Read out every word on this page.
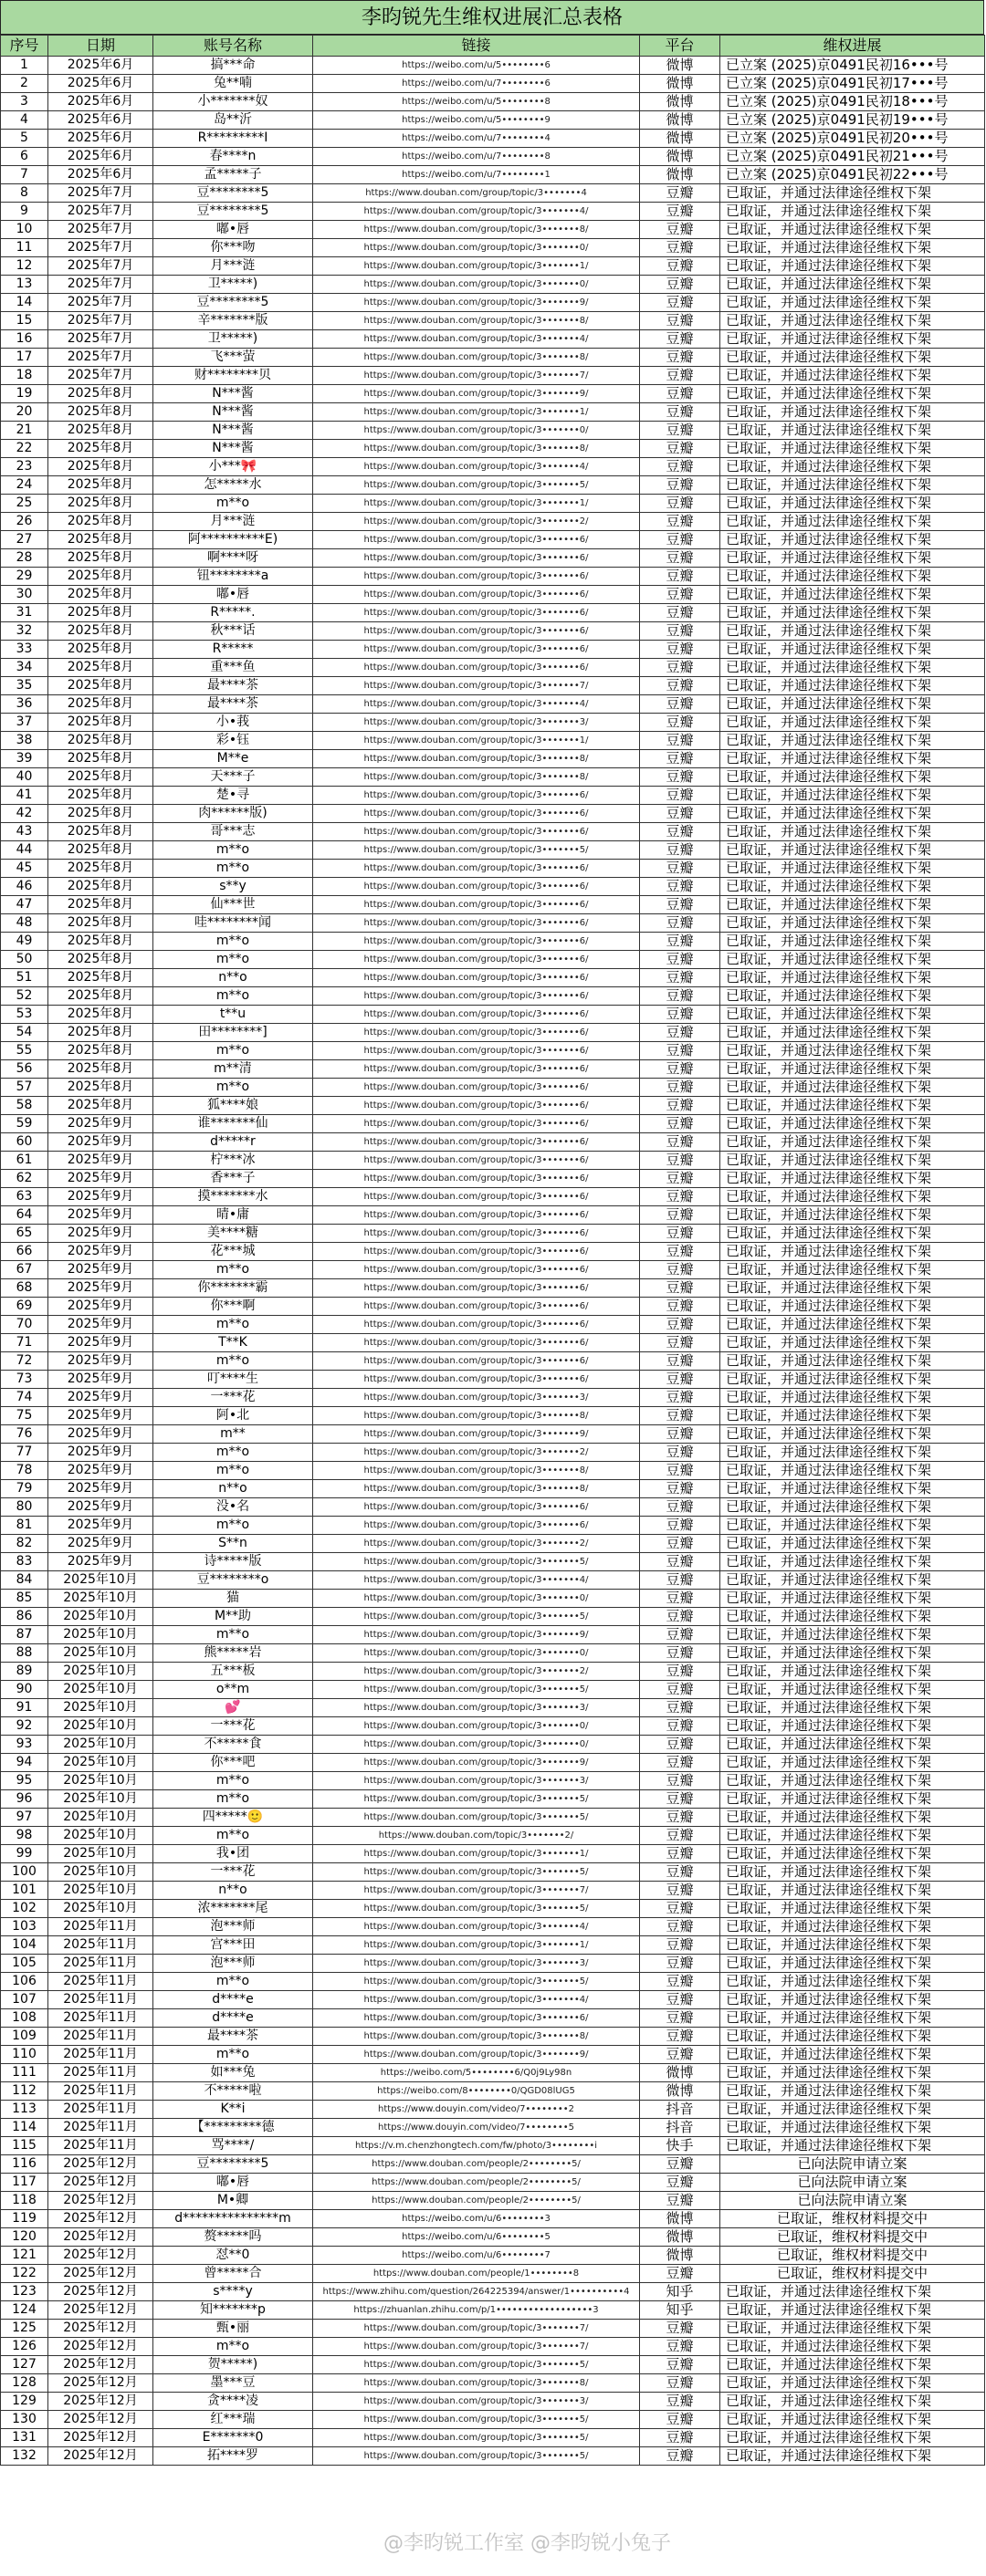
李昀锐先生维权进展汇总表格
序号	日期	账号名称	链接	平台	维权进展
1	2025年6月	搞***命	https://weibo.com/u/5••••••••6	微博	已立案 (2025)京0491民初16•••号
2	2025年6月	兔**喃	https://weibo.com/u/7••••••••6	微博	已立案 (2025)京0491民初17•••号
3	2025年6月	小*******奴	https://weibo.com/u/5••••••••8	微博	已立案 (2025)京0491民初18•••号
4	2025年6月	岛**沂	https://weibo.com/u/5••••••••9	微博	已立案 (2025)京0491民初19•••号
5	2025年6月	R*********I	https://weibo.com/u/7••••••••4	微博	已立案 (2025)京0491民初20•••号
6	2025年6月	春****n	https://weibo.com/u/7••••••••8	微博	已立案 (2025)京0491民初21•••号
7	2025年6月	孟*****子	https://weibo.com/u/7••••••••1	微博	已立案 (2025)京0491民初22•••号
8	2025年7月	豆********5	https://www.douban.com/group/topic/3•••••••4	豆瓣	已取证，并通过法律途径维权下架
9	2025年7月	豆********5	https://www.douban.com/group/topic/3•••••••4/	豆瓣	已取证，并通过法律途径维权下架
10	2025年7月	嘟•唇	https://www.douban.com/group/topic/3•••••••8/	豆瓣	已取证，并通过法律途径维权下架
11	2025年7月	你***吻	https://www.douban.com/group/topic/3•••••••0/	豆瓣	已取证，并通过法律途径维权下架
12	2025年7月	月***涟	https://www.douban.com/group/topic/3•••••••1/	豆瓣	已取证，并通过法律途径维权下架
13	2025年7月	卫*****)	https://www.douban.com/group/topic/3•••••••0/	豆瓣	已取证，并通过法律途径维权下架
14	2025年7月	豆********5	https://www.douban.com/group/topic/3•••••••9/	豆瓣	已取证，并通过法律途径维权下架
15	2025年7月	辛*******版	https://www.douban.com/group/topic/3•••••••8/	豆瓣	已取证，并通过法律途径维权下架
16	2025年7月	卫*****)	https://www.douban.com/group/topic/3•••••••4/	豆瓣	已取证，并通过法律途径维权下架
17	2025年7月	飞***萤	https://www.douban.com/group/topic/3•••••••8/	豆瓣	已取证，并通过法律途径维权下架
18	2025年7月	财********贝	https://www.douban.com/group/topic/3•••••••7/	豆瓣	已取证，并通过法律途径维权下架
19	2025年8月	N***酱	https://www.douban.com/group/topic/3•••••••9/	豆瓣	已取证，并通过法律途径维权下架
20	2025年8月	N***酱	https://www.douban.com/group/topic/3•••••••1/	豆瓣	已取证，并通过法律途径维权下架
21	2025年8月	N***酱	https://www.douban.com/group/topic/3•••••••0/	豆瓣	已取证，并通过法律途径维权下架
22	2025年8月	N***酱	https://www.douban.com/group/topic/3•••••••8/	豆瓣	已取证，并通过法律途径维权下架
23	2025年8月	小***🎀	https://www.douban.com/group/topic/3•••••••4/	豆瓣	已取证，并通过法律途径维权下架
24	2025年8月	怎*****水	https://www.douban.com/group/topic/3•••••••5/	豆瓣	已取证，并通过法律途径维权下架
25	2025年8月	m**o	https://www.douban.com/group/topic/3•••••••1/	豆瓣	已取证，并通过法律途径维权下架
26	2025年8月	月***涟	https://www.douban.com/group/topic/3•••••••2/	豆瓣	已取证，并通过法律途径维权下架
27	2025年8月	阿**********E)	https://www.douban.com/group/topic/3•••••••6/	豆瓣	已取证，并通过法律途径维权下架
28	2025年8月	啊****呀	https://www.douban.com/group/topic/3•••••••6/	豆瓣	已取证，并通过法律途径维权下架
29	2025年8月	钮********a	https://www.douban.com/group/topic/3•••••••6/	豆瓣	已取证，并通过法律途径维权下架
30	2025年8月	嘟•唇	https://www.douban.com/group/topic/3•••••••6/	豆瓣	已取证，并通过法律途径维权下架
31	2025年8月	R*****.	https://www.douban.com/group/topic/3•••••••6/	豆瓣	已取证，并通过法律途径维权下架
32	2025年8月	秋***话	https://www.douban.com/group/topic/3•••••••6/	豆瓣	已取证，并通过法律途径维权下架
33	2025年8月	R*****	https://www.douban.com/group/topic/3•••••••6/	豆瓣	已取证，并通过法律途径维权下架
34	2025年8月	重***鱼	https://www.douban.com/group/topic/3•••••••6/	豆瓣	已取证，并通过法律途径维权下架
35	2025年8月	最****茶	https://www.douban.com/group/topic/3•••••••7/	豆瓣	已取证，并通过法律途径维权下架
36	2025年8月	最****茶	https://www.douban.com/group/topic/3•••••••4/	豆瓣	已取证，并通过法律途径维权下架
37	2025年8月	小•莪	https://www.douban.com/group/topic/3•••••••3/	豆瓣	已取证，并通过法律途径维权下架
38	2025年8月	彩•钰	https://www.douban.com/group/topic/3•••••••1/	豆瓣	已取证，并通过法律途径维权下架
39	2025年8月	M**e	https://www.douban.com/group/topic/3•••••••8/	豆瓣	已取证，并通过法律途径维权下架
40	2025年8月	天***子	https://www.douban.com/group/topic/3•••••••8/	豆瓣	已取证，并通过法律途径维权下架
41	2025年8月	楚•寻	https://www.douban.com/group/topic/3•••••••6/	豆瓣	已取证，并通过法律途径维权下架
42	2025年8月	肉******版)	https://www.douban.com/group/topic/3•••••••6/	豆瓣	已取证，并通过法律途径维权下架
43	2025年8月	哥***志	https://www.douban.com/group/topic/3•••••••6/	豆瓣	已取证，并通过法律途径维权下架
44	2025年8月	m**o	https://www.douban.com/group/topic/3•••••••5/	豆瓣	已取证，并通过法律途径维权下架
45	2025年8月	m**o	https://www.douban.com/group/topic/3•••••••6/	豆瓣	已取证，并通过法律途径维权下架
46	2025年8月	s**y	https://www.douban.com/group/topic/3•••••••6/	豆瓣	已取证，并通过法律途径维权下架
47	2025年8月	仙***世	https://www.douban.com/group/topic/3•••••••6/	豆瓣	已取证，并通过法律途径维权下架
48	2025年8月	哇********闻	https://www.douban.com/group/topic/3•••••••6/	豆瓣	已取证，并通过法律途径维权下架
49	2025年8月	m**o	https://www.douban.com/group/topic/3•••••••6/	豆瓣	已取证，并通过法律途径维权下架
50	2025年8月	m**o	https://www.douban.com/group/topic/3•••••••6/	豆瓣	已取证，并通过法律途径维权下架
51	2025年8月	n**o	https://www.douban.com/group/topic/3•••••••6/	豆瓣	已取证，并通过法律途径维权下架
52	2025年8月	m**o	https://www.douban.com/group/topic/3•••••••6/	豆瓣	已取证，并通过法律途径维权下架
53	2025年8月	t**u	https://www.douban.com/group/topic/3•••••••6/	豆瓣	已取证，并通过法律途径维权下架
54	2025年8月	田********]	https://www.douban.com/group/topic/3•••••••6/	豆瓣	已取证，并通过法律途径维权下架
55	2025年8月	m**o	https://www.douban.com/group/topic/3•••••••6/	豆瓣	已取证，并通过法律途径维权下架
56	2025年8月	m**清	https://www.douban.com/group/topic/3•••••••6/	豆瓣	已取证，并通过法律途径维权下架
57	2025年8月	m**o	https://www.douban.com/group/topic/3•••••••6/	豆瓣	已取证，并通过法律途径维权下架
58	2025年8月	狐****娘	https://www.douban.com/group/topic/3•••••••6/	豆瓣	已取证，并通过法律途径维权下架
59	2025年9月	谁*******仙	https://www.douban.com/group/topic/3•••••••6/	豆瓣	已取证，并通过法律途径维权下架
60	2025年9月	d*****r	https://www.douban.com/group/topic/3•••••••6/	豆瓣	已取证，并通过法律途径维权下架
61	2025年9月	柠***冰	https://www.douban.com/group/topic/3•••••••6/	豆瓣	已取证，并通过法律途径维权下架
62	2025年9月	香***子	https://www.douban.com/group/topic/3•••••••6/	豆瓣	已取证，并通过法律途径维权下架
63	2025年9月	摸*******水	https://www.douban.com/group/topic/3•••••••6/	豆瓣	已取证，并通过法律途径维权下架
64	2025年9月	晴•庸	https://www.douban.com/group/topic/3•••••••6/	豆瓣	已取证，并通过法律途径维权下架
65	2025年9月	美****糖	https://www.douban.com/group/topic/3•••••••6/	豆瓣	已取证，并通过法律途径维权下架
66	2025年9月	花***城	https://www.douban.com/group/topic/3•••••••6/	豆瓣	已取证，并通过法律途径维权下架
67	2025年9月	m**o	https://www.douban.com/group/topic/3•••••••6/	豆瓣	已取证，并通过法律途径维权下架
68	2025年9月	你*******霸	https://www.douban.com/group/topic/3•••••••6/	豆瓣	已取证，并通过法律途径维权下架
69	2025年9月	你***啊	https://www.douban.com/group/topic/3•••••••6/	豆瓣	已取证，并通过法律途径维权下架
70	2025年9月	m**o	https://www.douban.com/group/topic/3•••••••6/	豆瓣	已取证，并通过法律途径维权下架
71	2025年9月	T**K	https://www.douban.com/group/topic/3•••••••6/	豆瓣	已取证，并通过法律途径维权下架
72	2025年9月	m**o	https://www.douban.com/group/topic/3•••••••6/	豆瓣	已取证，并通过法律途径维权下架
73	2025年9月	叮****生	https://www.douban.com/group/topic/3•••••••6/	豆瓣	已取证，并通过法律途径维权下架
74	2025年9月	一***花	https://www.douban.com/group/topic/3•••••••3/	豆瓣	已取证，并通过法律途径维权下架
75	2025年9月	阿•北	https://www.douban.com/group/topic/3•••••••8/	豆瓣	已取证，并通过法律途径维权下架
76	2025年9月	m**	https://www.douban.com/group/topic/3•••••••9/	豆瓣	已取证，并通过法律途径维权下架
77	2025年9月	m**o	https://www.douban.com/group/topic/3•••••••2/	豆瓣	已取证，并通过法律途径维权下架
78	2025年9月	m**o	https://www.douban.com/group/topic/3•••••••8/	豆瓣	已取证，并通过法律途径维权下架
79	2025年9月	n**o	https://www.douban.com/group/topic/3•••••••8/	豆瓣	已取证，并通过法律途径维权下架
80	2025年9月	没•名	https://www.douban.com/group/topic/3•••••••6/	豆瓣	已取证，并通过法律途径维权下架
81	2025年9月	m**o	https://www.douban.com/group/topic/3•••••••6/	豆瓣	已取证，并通过法律途径维权下架
82	2025年9月	S**n	https://www.douban.com/group/topic/3•••••••2/	豆瓣	已取证，并通过法律途径维权下架
83	2025年9月	诗*****版	https://www.douban.com/group/topic/3•••••••5/	豆瓣	已取证，并通过法律途径维权下架
84	2025年10月	豆********o	https://www.douban.com/group/topic/3•••••••4/	豆瓣	已取证，并通过法律途径维权下架
85	2025年10月	猫	https://www.douban.com/group/topic/3•••••••0/	豆瓣	已取证，并通过法律途径维权下架
86	2025年10月	M**助	https://www.douban.com/group/topic/3•••••••5/	豆瓣	已取证，并通过法律途径维权下架
87	2025年10月	m**o	https://www.douban.com/group/topic/3•••••••9/	豆瓣	已取证，并通过法律途径维权下架
88	2025年10月	熊*****岩	https://www.douban.com/group/topic/3•••••••0/	豆瓣	已取证，并通过法律途径维权下架
89	2025年10月	五***板	https://www.douban.com/group/topic/3•••••••2/	豆瓣	已取证，并通过法律途径维权下架
90	2025年10月	o**m	https://www.douban.com/group/topic/3•••••••5/	豆瓣	已取证，并通过法律途径维权下架
91	2025年10月	💕	https://www.douban.com/group/topic/3•••••••3/	豆瓣	已取证，并通过法律途径维权下架
92	2025年10月	一***花	https://www.douban.com/group/topic/3•••••••0/	豆瓣	已取证，并通过法律途径维权下架
93	2025年10月	不*****食	https://www.douban.com/group/topic/3•••••••0/	豆瓣	已取证，并通过法律途径维权下架
94	2025年10月	你***吧	https://www.douban.com/group/topic/3•••••••9/	豆瓣	已取证，并通过法律途径维权下架
95	2025年10月	m**o	https://www.douban.com/group/topic/3•••••••3/	豆瓣	已取证，并通过法律途径维权下架
96	2025年10月	m**o	https://www.douban.com/group/topic/3•••••••5/	豆瓣	已取证，并通过法律途径维权下架
97	2025年10月	四*****🙂	https://www.douban.com/group/topic/3•••••••5/	豆瓣	已取证，并通过法律途径维权下架
98	2025年10月	m**o	https://www.douban.com/topic/3•••••••2/	豆瓣	已取证，并通过法律途径维权下架
99	2025年10月	我•团	https://www.douban.com/group/topic/3•••••••1/	豆瓣	已取证，并通过法律途径维权下架
100	2025年10月	一***花	https://www.douban.com/group/topic/3•••••••5/	豆瓣	已取证，并通过法律途径维权下架
101	2025年10月	n**o	https://www.douban.com/group/topic/3•••••••7/	豆瓣	已取证，并通过法律途径维权下架
102	2025年10月	浓*******尾	https://www.douban.com/group/topic/3•••••••5/	豆瓣	已取证，并通过法律途径维权下架
103	2025年11月	泡***师	https://www.douban.com/group/topic/3•••••••4/	豆瓣	已取证，并通过法律途径维权下架
104	2025年11月	宫***田	https://www.douban.com/group/topic/3•••••••1/	豆瓣	已取证，并通过法律途径维权下架
105	2025年11月	泡***师	https://www.douban.com/group/topic/3•••••••3/	豆瓣	已取证，并通过法律途径维权下架
106	2025年11月	m**o	https://www.douban.com/group/topic/3•••••••5/	豆瓣	已取证，并通过法律途径维权下架
107	2025年11月	d****e	https://www.douban.com/group/topic/3•••••••4/	豆瓣	已取证，并通过法律途径维权下架
108	2025年11月	d****e	https://www.douban.com/group/topic/3•••••••6/	豆瓣	已取证，并通过法律途径维权下架
109	2025年11月	最****茶	https://www.douban.com/group/topic/3•••••••8/	豆瓣	已取证，并通过法律途径维权下架
110	2025年11月	m**o	https://www.douban.com/group/topic/3•••••••9/	豆瓣	已取证，并通过法律途径维权下架
111	2025年11月	如***兔	https://weibo.com/5••••••••6/Q0j9Ly98n	微博	已取证，并通过法律途径维权下架
112	2025年11月	不*****啦	https://weibo.com/8••••••••0/QGD08lUG5	微博	已取证，并通过法律途径维权下架
113	2025年11月	K**i	https://www.douyin.com/video/7••••••••2	抖音	已取证，并通过法律途径维权下架
114	2025年11月	【*********德	https://www.douyin.com/video/7••••••••5	抖音	已取证，并通过法律途径维权下架
115	2025年11月	骂****/	https://v.m.chenzhongtech.com/fw/photo/3••••••••i	快手	已取证，并通过法律途径维权下架
116	2025年12月	豆********5	https://www.douban.com/people/2••••••••5/	豆瓣	已向法院申请立案
117	2025年12月	嘟•唇	https://www.douban.com/people/2••••••••5/	豆瓣	已向法院申请立案
118	2025年12月	M•卿	https://www.douban.com/people/2••••••••5/	豆瓣	已向法院申请立案
119	2025年12月	d***************m	https://weibo.com/u/6••••••••3	微博	已取证，维权材料提交中
120	2025年12月	赘*****吗	https://weibo.com/u/6••••••••5	微博	已取证，维权材料提交中
121	2025年12月	怼**0	https://weibo.com/u/6••••••••7	微博	已取证，维权材料提交中
122	2025年12月	曾*****合	https://www.douban.com/people/1••••••••8	豆瓣	已取证，维权材料提交中
123	2025年12月	s****y	https://www.zhihu.com/question/264225394/answer/1••••••••••4	知乎	已取证，并通过法律途径维权下架
124	2025年12月	知*******p	https://zhuanlan.zhihu.com/p/1••••••••••••••••••3	知乎	已取证，并通过法律途径维权下架
125	2025年12月	甄•丽	https://www.douban.com/group/topic/3•••••••7/	豆瓣	已取证，并通过法律途径维权下架
126	2025年12月	m**o	https://www.douban.com/group/topic/3•••••••7/	豆瓣	已取证，并通过法律途径维权下架
127	2025年12月	贺*****)	https://www.douban.com/group/topic/3•••••••5/	豆瓣	已取证，并通过法律途径维权下架
128	2025年12月	墨***豆	https://www.douban.com/group/topic/3•••••••8/	豆瓣	已取证，并通过法律途径维权下架
129	2025年12月	贪****凌	https://www.douban.com/group/topic/3•••••••3/	豆瓣	已取证，并通过法律途径维权下架
130	2025年12月	红***瑞	https://www.douban.com/group/topic/3•••••••5/	豆瓣	已取证，并通过法律途径维权下架
131	2025年12月	E*******0	https://www.douban.com/group/topic/3•••••••5/	豆瓣	已取证，并通过法律途径维权下架
132	2025年12月	拓****罗	https://www.douban.com/group/topic/3•••••••5/	豆瓣	已取证，并通过法律途径维权下架
@李昀锐工作室 @李昀锐小兔子
